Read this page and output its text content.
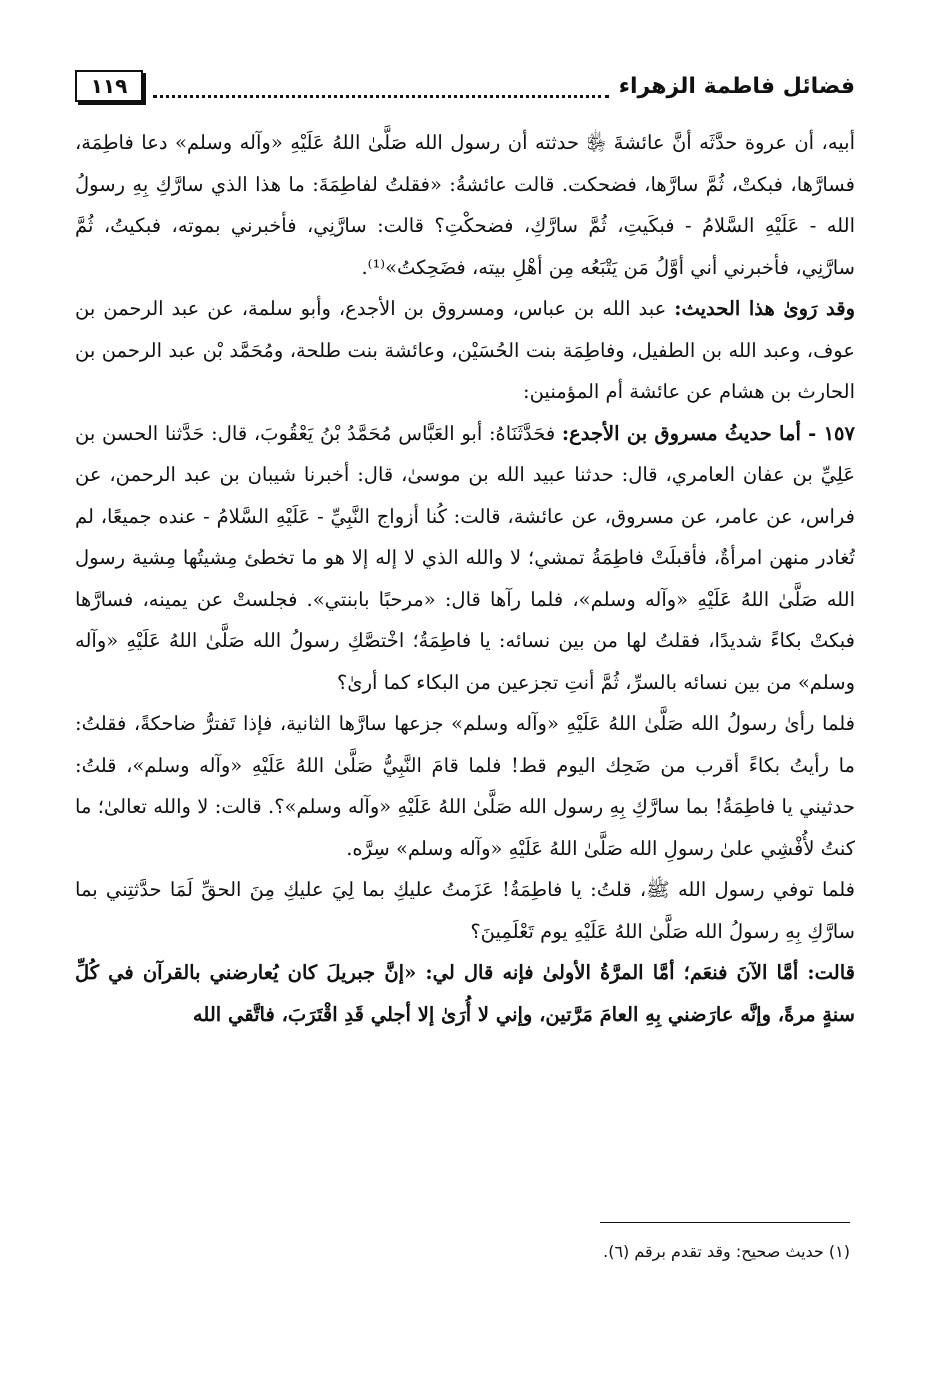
فضائل فاطمة الزهراء
١١٩

أبيه، أن عروة حدَّثَه أنَّ عائشةَ ﵂ حدثته أن رسول الله صَلَّىٰ اللهُ عَلَيْهِ «وآله وسلم» دعا فاطِمَة، فسارَّها، فبكتْ، ثُمَّ سارَّها، فضحكت. قالت عائشةُ: «فقلتُ لفاطِمَةَ: ما هذا الذي سارَّكِ بِهِ رسولُ الله - عَلَيْهِ السَّلامُ - فبكَيتِ، ثُمَّ سارَّكِ، فضحكْتِ؟ قالت: سارَّنِي، فأخبرني بموته، فبكيتُ، ثُمَّ سارَّنِي، فأخبرني أني أوَّلُ مَن يَتْبَعُه مِن أهْلِ بيته، فضَحِكتُ»⁽¹⁾.

وقد رَوىٰ هذا الحديث: عبد الله بن عباس، ومسروق بن الأجدع، وأبو سلمة، عن عبد الرحمن بن عوف، وعبد الله بن الطفيل، وفاطِمَة بنت الحُسَيْن، وعائشة بنت طلحة، ومُحَمَّد بْن عبد الرحمن بن الحارث بن هشام عن عائشة أم المؤمنين:

١٥٧ - أما حديثُ مسروق بن الأجدع: فحَدَّثَنَاهُ: أبو العَبَّاس مُحَمَّدُ بْنُ يَعْقُوبَ، قال: حَدَّثنا الحسن بن عَلِيِّ بن عفان العامري، قال: حدثنا عبيد الله بن موسىٰ، قال: أخبرنا شيبان بن عبد الرحمن، عن فراس، عن عامر، عن مسروق، عن عائشة، قالت: كُنا أزواج النَّبِيِّ - عَلَيْهِ السَّلامُ - عنده جميعًا، لم تُغادر منهن امرأةٌ، فأقبلَتْ فاطِمَةُ تمشي؛ لا والله الذي لا إله إلا هو ما تخطئ مِشيتُها مِشية رسول الله صَلَّىٰ اللهُ عَلَيْهِ «وآله وسلم»، فلما رآها قال: «مرحبًا بابنتي». فجلستْ عن يمينه، فسارَّها فبكتْ بكاءً شديدًا، فقلتُ لها من بين نسائه: يا فاطِمَةُ؛ اخْتصَّكِ رسولُ الله صَلَّىٰ اللهُ عَلَيْهِ «وآله وسلم» من بين نسائه بالسرِّ، ثُمَّ أنتِ تجزعين من البكاء كما أرىٰ؟

فلما رأىٰ رسولُ الله صَلَّىٰ اللهُ عَلَيْهِ «وآله وسلم» جزعها سارَّها الثانية، فإذا تَفترُّ ضاحكةً، فقلتُ: ما رأيتُ بكاءً أقرب من ضَحِك اليوم قط! فلما قامَ النَّبِيُّ صَلَّىٰ اللهُ عَلَيْهِ «وآله وسلم»، قلتُ: حدثيني يا فاطِمَةُ! بما سارَّكِ بِهِ رسول الله صَلَّىٰ اللهُ عَلَيْهِ «وآله وسلم»؟. قالت: لا والله تعالىٰ؛ ما كنتُ لأُفْشِي علىٰ رسولِ الله صَلَّىٰ اللهُ عَلَيْهِ «وآله وسلم» سِرَّه.

فلما توفي رسول الله ﷺ، قلتُ: يا فاطِمَةُ! عَزَمتُ عليكِ بما لِيَ عليكِ مِنَ الحقِّ لَمَا حدَّثتِني بما سارَّكِ بِهِ رسولُ الله صَلَّىٰ اللهُ عَلَيْهِ يوم تَعْلَمِينَ؟

قالت: أمَّا الآنَ فنعَم؛ أمَّا المرَّةُ الأولىٰ فإنه قال لي: «إنَّ جبريلَ كان يُعارضني بالقرآن في كُلِّ سنةٍ مرةً، وإنَّه عارَضني بِهِ العامَ مَرَّتين، وإني لا أُرَىٰ إلا أجلي قَدِ اقْتَرَبَ، فاتَّقي الله

(١) حديث صحيح: وقد تقدم برقم (٦).
